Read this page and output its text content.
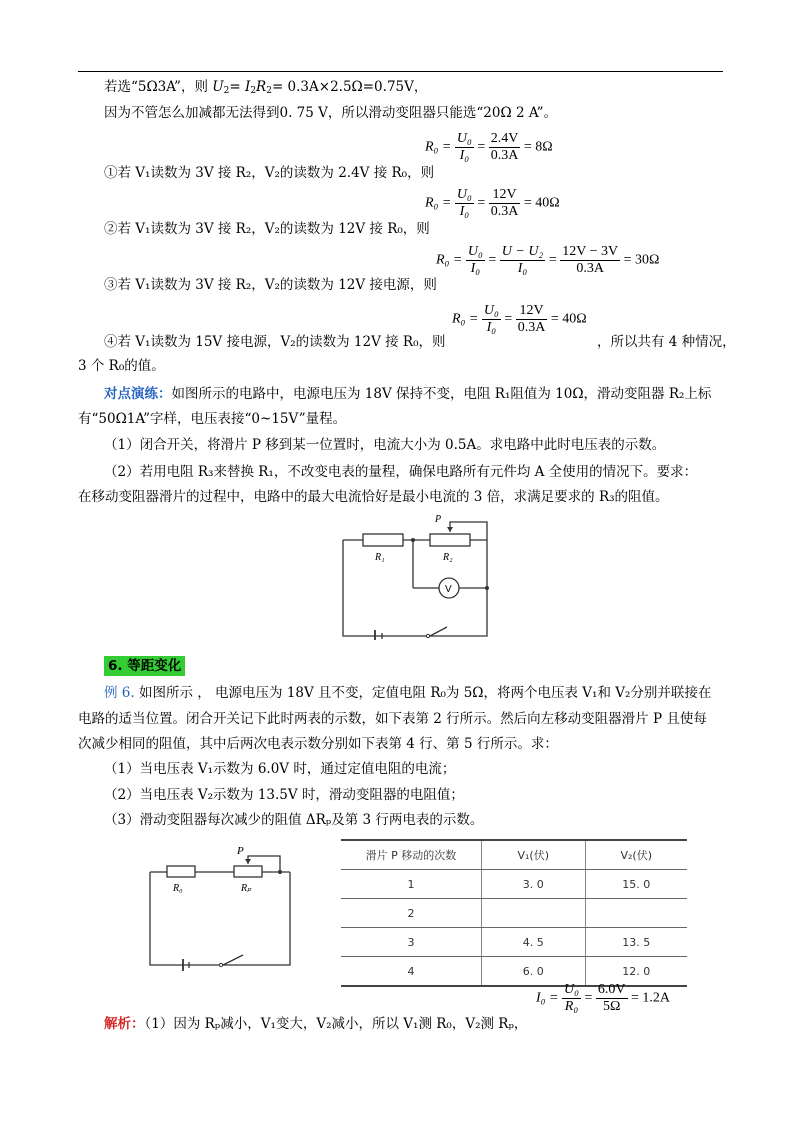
若选“5Ω3A”，则 $U_2= I_2R_2= 0.3A\times 2.5\Omega=0.75V$，
因为不管怎么加减都无法得到0. 75 V，所以滑动变阻器只能选“20Ω 2 A”。
$R_0 = \frac{\text{U₀}}{\text{I₀}} = \frac{2.4V}{0.3A} = 8\Omega$
①若 V₁读数为 3V 接 R₂，V₂的读数为 2.4V 接 R₀，则
$R_0 = \frac{\text{U₀}}{\text{I₀}} = \frac{12V}{0.3A} = 40\Omega$
②若 V₁读数为 3V 接 R₂，V₂的读数为 12V 接 R₀，则
$R_0 = \frac{\text{U₀}}{\text{I₀}} = \frac{\text{U − U₂}}{\text{I₀}} = \frac{12V - 3V}{0.3A} = 30\Omega$
③若 V₁读数为 3V 接 R₂，V₂的读数为 12V 接电源，则
$R_0 = \frac{\text{U₀}}{\text{I₀}} = \frac{12V}{0.3A} = 40\Omega$
④若 V₁读数为 15V 接电源，V₂的读数为 12V 接 R₀，则	，所以共有 4 种情况，
3 个 R₀的值。
对点演练：如图所示的电路中，电源电压为 18V 保持不变，电阻 R₁阻值为 10Ω，滑动变阻器 R₂上标
有“50Ω1A”字样，电压表接“0~15V”量程。
（1）闭合开关，将滑片 P 移到某一位置时，电流大小为 0.5A。求电路中此时电压表的示数。
（2）若用电阻 R₃来替换 R₁，不改变电表的量程，确保电路所有元件均 A 全使用的情况下。要求：
在移动变阻器滑片的过程中，电路中的最大电流恰好是最小电流的 3 倍，求满足要求的 R₃的阻值。
P
R₁	R₂
V
6. 等距变化
例 6. 如图所示 ， 电源电压为 18V 且不变，定值电阻 R₀为 5Ω，将两个电压表 V₁和 V₂分别并联接在
电路的适当位置。闭合开关记下此时两表的示数，如下表第 2 行所示。然后向左移动变阻器滑片 P 且使每
次减少相同的阻值，其中后两次电表示数分别如下表第 4 行、第 5 行所示。求：
（1）当电压表 V₁示数为 6.0V 时，通过定值电阻的电流；
（2）当电压表 V₂示数为 13.5V 时，滑动变阻器的电阻值；
（3）滑动变阻器每次减少的阻值 ΔRₚ及第 3 行两电表的示数。
P
R₀	Rₚ
滑片 P 移动的次数	V₁(伏)	V₂(伏)
1	3. 0	15. 0
2		
3	4. 5	13. 5
4	6. 0	12. 0
$I_0 = \frac{\text{U₀}}{\text{R₀}} = \frac{6.0V}{5\Omega} = 1.2A$
解析：（1）因为 Rₚ减小，V₁变大，V₂减小，所以 V₁测 R₀，V₂测 Rₚ，
